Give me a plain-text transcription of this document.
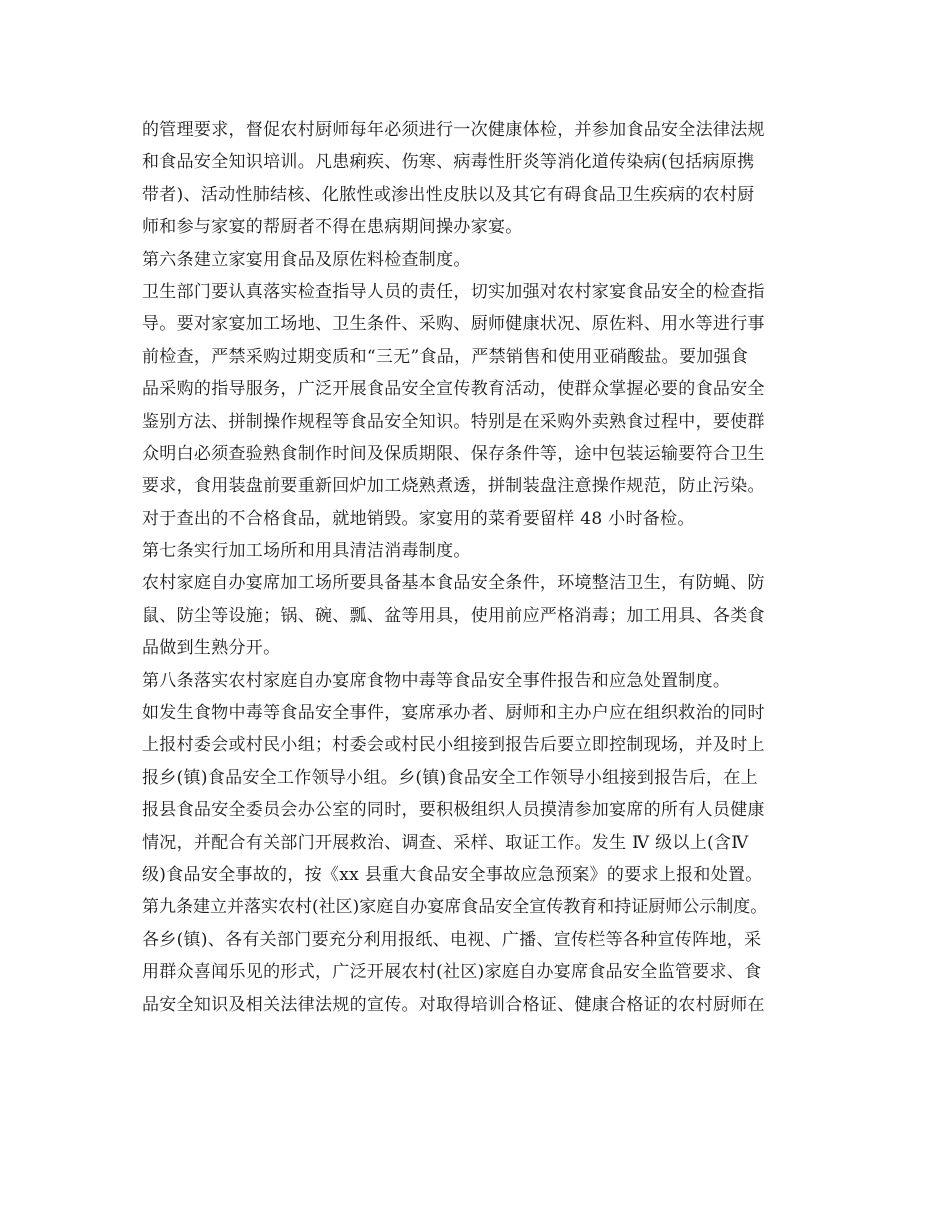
的管理要求，督促农村厨师每年必须进行一次健康体检，并参加食品安全法律法规
和食品安全知识培训。凡患痢疾、伤寒、病毒性肝炎等消化道传染病(包括病原携
带者)、活动性肺结核、化脓性或渗出性皮肤以及其它有碍食品卫生疾病的农村厨
师和参与家宴的帮厨者不得在患病期间操办家宴。
第六条建立家宴用食品及原佐料检查制度。
卫生部门要认真落实检查指导人员的责任，切实加强对农村家宴食品安全的检查指
导。要对家宴加工场地、卫生条件、采购、厨师健康状况、原佐料、用水等进行事
前检查，严禁采购过期变质和“三无”食品，严禁销售和使用亚硝酸盐。要加强食
品采购的指导服务，广泛开展食品安全宣传教育活动，使群众掌握必要的食品安全
鉴别方法、拼制操作规程等食品安全知识。特别是在采购外卖熟食过程中，要使群
众明白必须查验熟食制作时间及保质期限、保存条件等，途中包装运输要符合卫生
要求，食用装盘前要重新回炉加工烧熟煮透，拼制装盘注意操作规范，防止污染。
对于查出的不合格食品，就地销毁。家宴用的菜肴要留样 48 小时备检。
第七条实行加工场所和用具清洁消毒制度。
农村家庭自办宴席加工场所要具备基本食品安全条件，环境整洁卫生，有防蝇、防
鼠、防尘等设施；锅、碗、瓢、盆等用具，使用前应严格消毒；加工用具、各类食
品做到生熟分开。
第八条落实农村家庭自办宴席食物中毒等食品安全事件报告和应急处置制度。
如发生食物中毒等食品安全事件，宴席承办者、厨师和主办户应在组织救治的同时
上报村委会或村民小组；村委会或村民小组接到报告后要立即控制现场，并及时上
报乡(镇)食品安全工作领导小组。乡(镇)食品安全工作领导小组接到报告后，在上
报县食品安全委员会办公室的同时，要积极组织人员摸清参加宴席的所有人员健康
情况，并配合有关部门开展救治、调查、采样、取证工作。发生 Ⅳ 级以上(含Ⅳ
级)食品安全事故的，按《xx 县重大食品安全事故应急预案》的要求上报和处置。
第九条建立并落实农村(社区)家庭自办宴席食品安全宣传教育和持证厨师公示制度。
各乡(镇)、各有关部门要充分利用报纸、电视、广播、宣传栏等各种宣传阵地，采
用群众喜闻乐见的形式，广泛开展农村(社区)家庭自办宴席食品安全监管要求、食
品安全知识及相关法律法规的宣传。对取得培训合格证、健康合格证的农村厨师在
